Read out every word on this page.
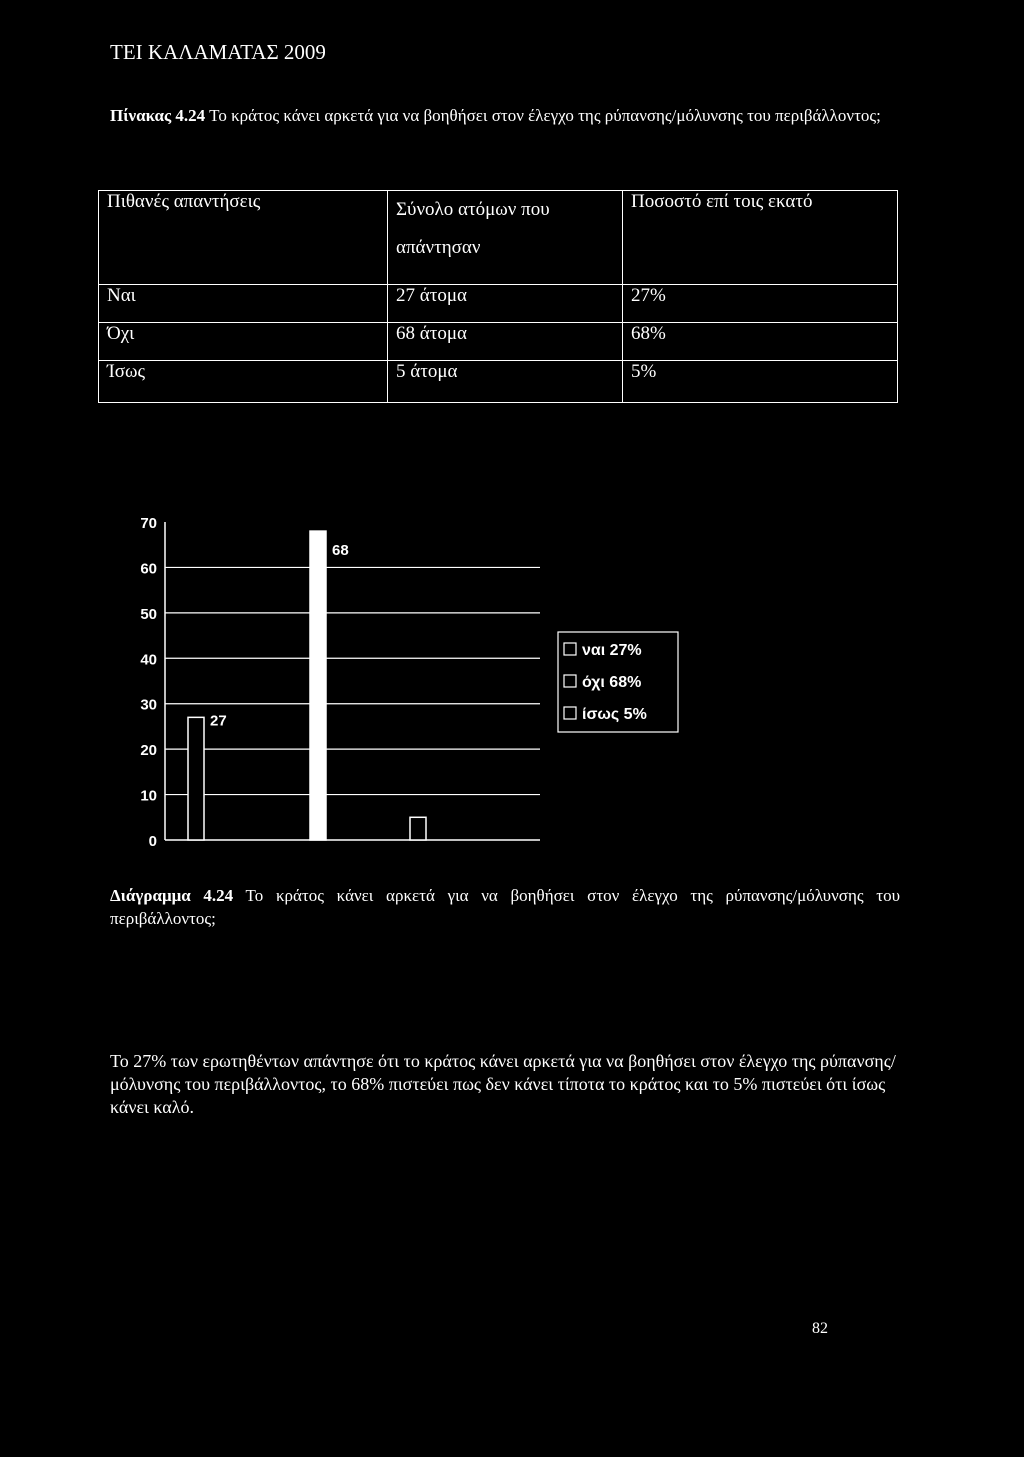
ΤΕΙ ΚΑΛΑΜΑΤΑΣ 2009
Πίνακας 4.24 Το κράτος κάνει αρκετά για να βοηθήσει στον έλεγχο της ρύπανσης/μόλυνσης του περιβάλλοντος;
Πιθανές απαντήσεις	Σύνολο ατόμων που απάντησαν	Ποσοστό επί τοις εκατό
Ναι	27 άτομα	27%
Όχι	68 άτομα	68%
Ίσως	5 άτομα	5%
0
10
20
30
40
50
60
70
27
68
ναι 27%
όχι 68%
ίσως 5%
Διάγραμμα 4.24 Το κράτος κάνει αρκετά για να βοηθήσει στον έλεγχο της ρύπανσης/μόλυνσης του περιβάλλοντος;
Το 27% των ερωτηθέντων απάντησε ότι το κράτος κάνει αρκετά για να βοηθήσει στον έλεγχο της ρύπανσης/μόλυνσης του περιβάλλοντος, το 68% πιστεύει πως δεν κάνει τίποτα το κράτος και το 5% πιστεύει ότι ίσως κάνει καλό.
82
